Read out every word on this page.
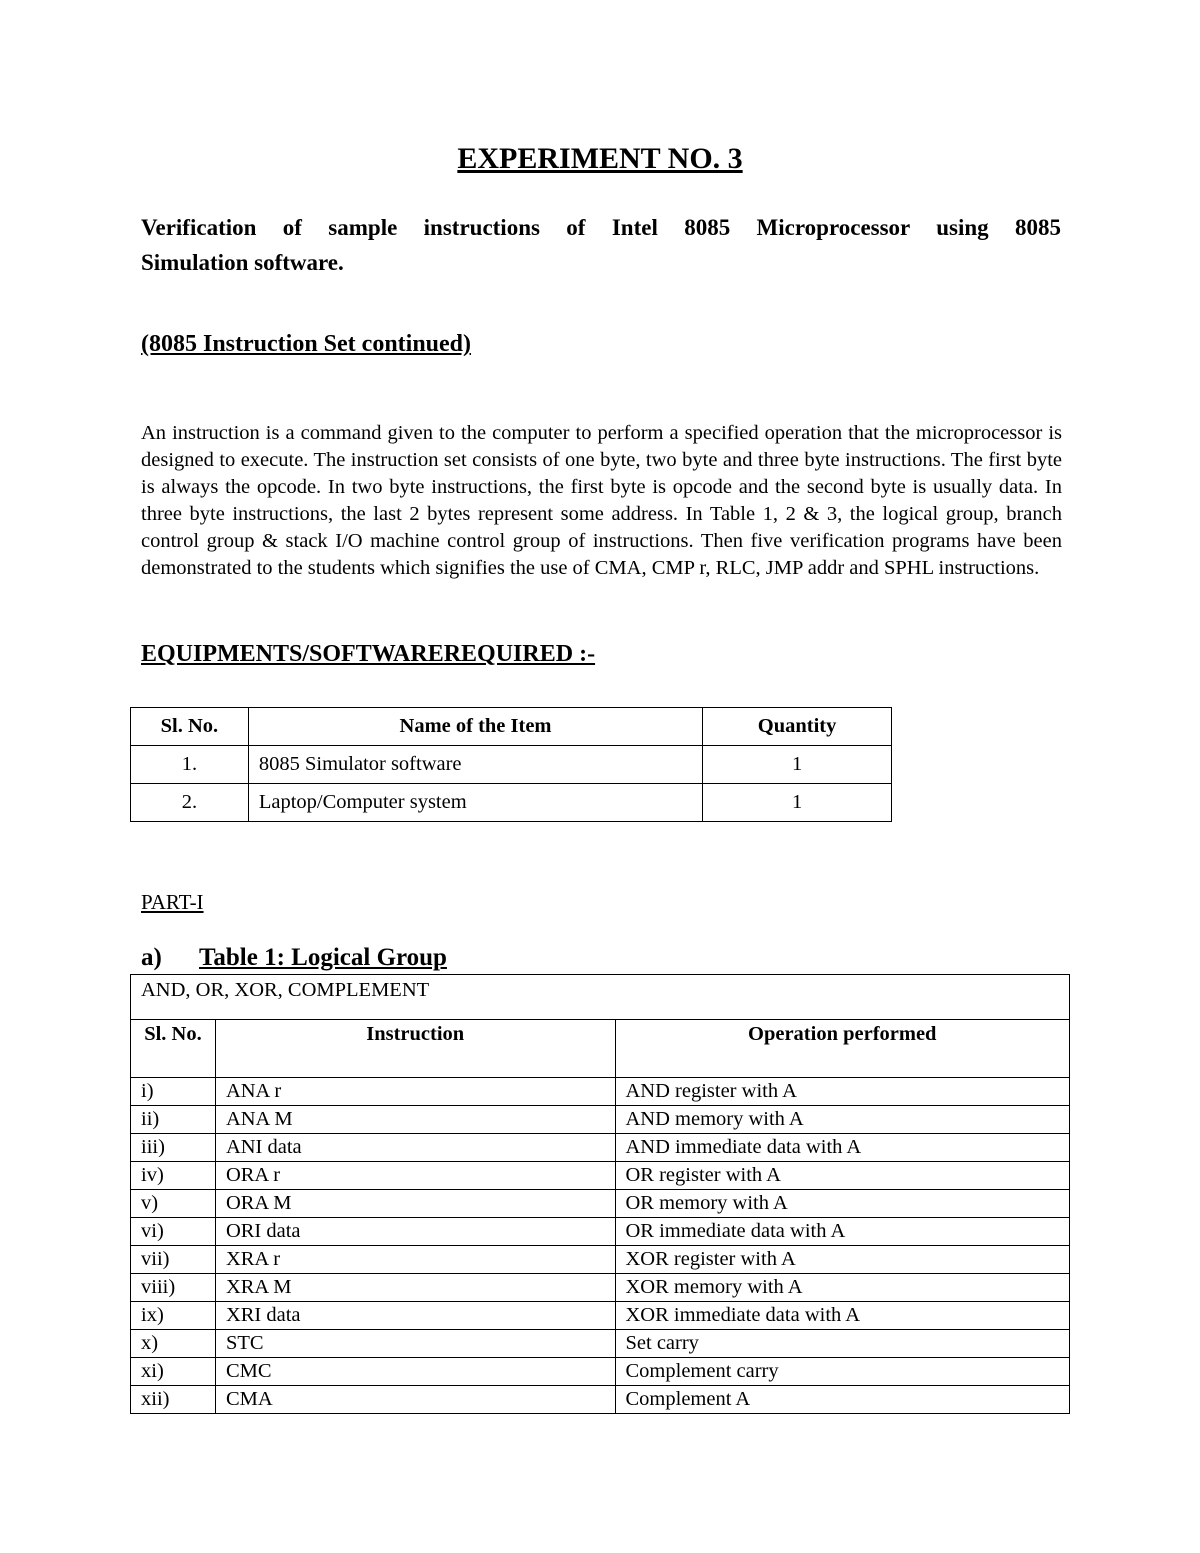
EXPERIMENT NO. 3
Verification of sample instructions of Intel 8085 Microprocessor using 8085
Simulation software.
(8085 Instruction Set continued)
An instruction is a command given to the computer to perform a specified operation that the microprocessor is designed to execute. The instruction set consists of one byte, two byte and three byte instructions. The first byte is always the opcode. In two byte instructions, the first byte is opcode and the second byte is usually data. In three byte instructions, the last 2 bytes represent some address. In Table 1, 2 & 3, the logical group, branch control group & stack I/O machine control group of instructions. Then five verification programs have been demonstrated to the students which signifies the use of CMA, CMP r, RLC, JMP addr and SPHL instructions.
EQUIPMENTS/SOFTWAREREQUIRED :-
Sl. No.	Name of the Item	Quantity
1.	8085 Simulator software	1
2.	Laptop/Computer system	1
PART-I
a) Table 1: Logical Group
AND, OR, XOR, COMPLEMENT		
Sl. No.	Instruction	Operation performed
i)	ANA r	AND register with A
ii)	ANA M	AND memory with A
iii)	ANI data	AND immediate data with A
iv)	ORA r	OR register with A
v)	ORA M	OR memory with A
vi)	ORI data	OR immediate data with A
vii)	XRA r	XOR register with A
viii)	XRA M	XOR memory with A
ix)	XRI data	XOR immediate data with A
x)	STC	Set carry
xi)	CMC	Complement carry
xii)	CMA	Complement A
